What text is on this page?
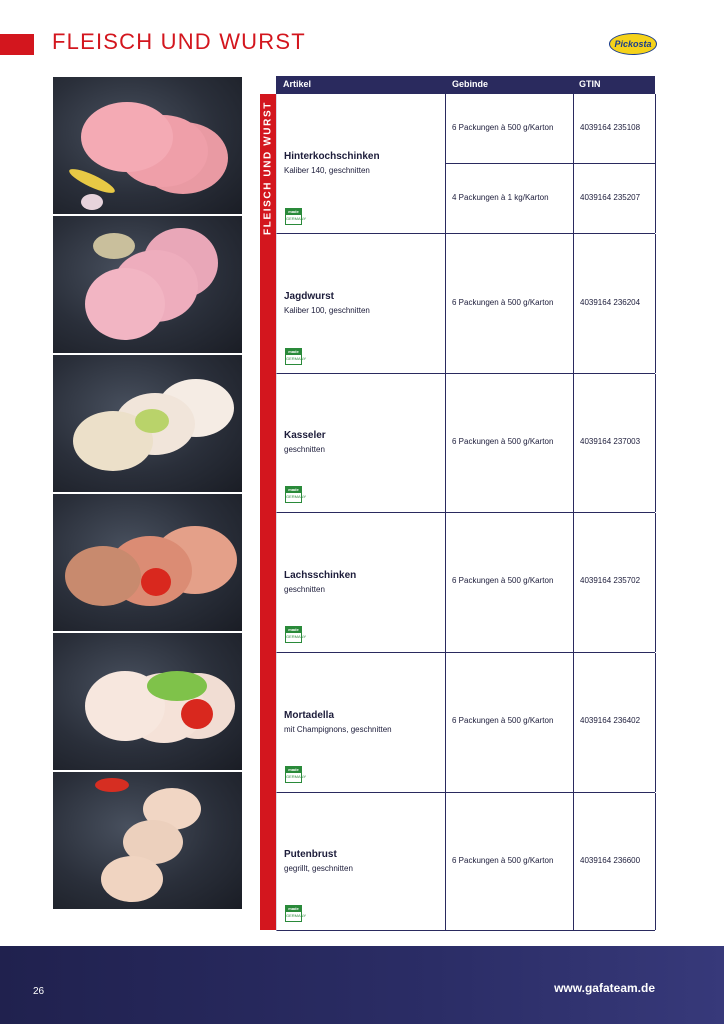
FLEISCH UND WURST	Pickosta
FLEISCH UND WURST
Artikel	Gebinde	GTIN
Hinterkochschinken
Kaliber 140, geschnitten
made
GERMANY
6 Packungen à 500 g/Karton	4039164 235108
4 Packungen à 1 kg/Karton	4039164 235207
Jagdwurst
Kaliber 100, geschnitten
made
GERMANY
6 Packungen à 500 g/Karton	4039164 236204
Kasseler
geschnitten
made
GERMANY
6 Packungen à 500 g/Karton	4039164 237003
Lachsschinken
geschnitten
made
GERMANY
6 Packungen à 500 g/Karton	4039164 235702
Mortadella
mit Champignons, geschnitten
made
GERMANY
6 Packungen à 500 g/Karton	4039164 236402
Putenbrust
gegrillt, geschnitten
made
GERMANY
6 Packungen à 500 g/Karton	4039164 236600
26	www.gafateam.de
